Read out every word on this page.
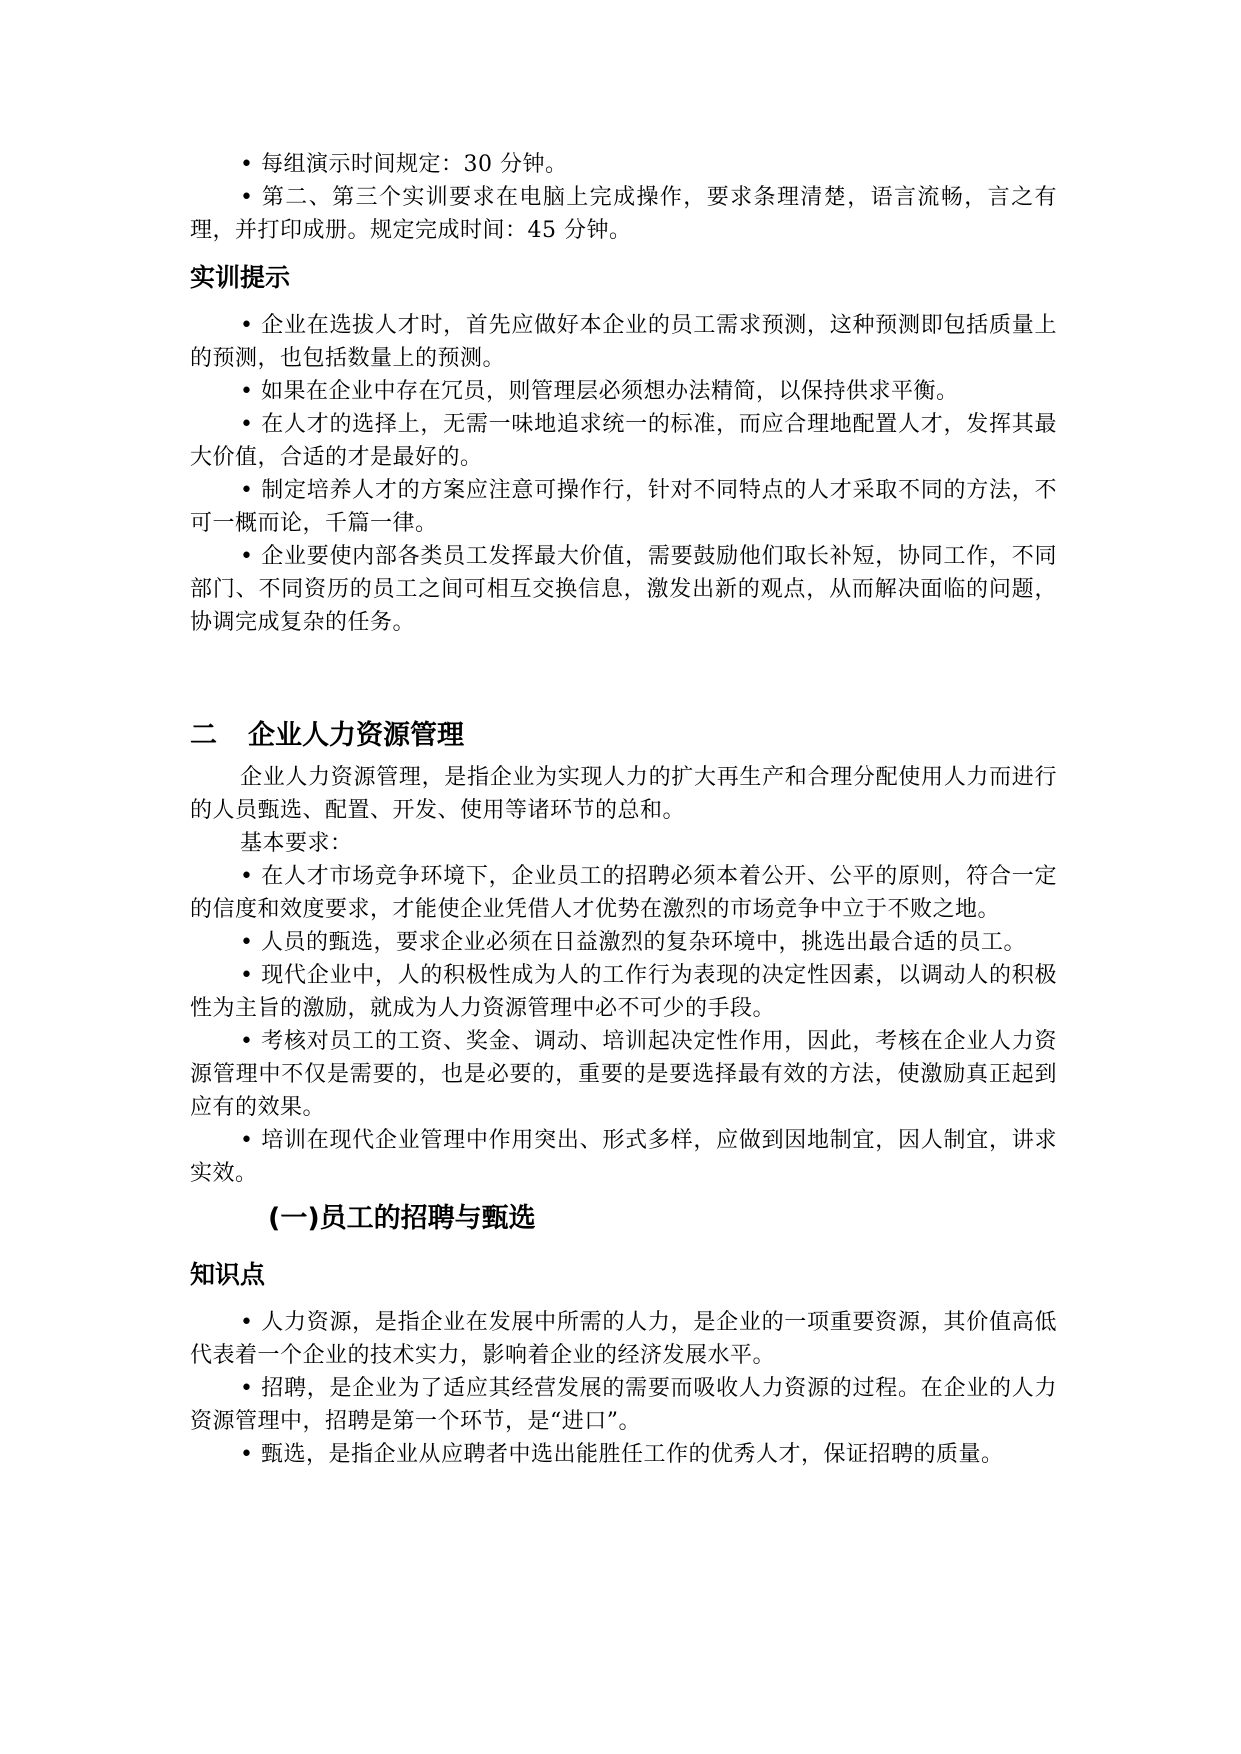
• 每组演示时间规定：30 分钟。

• 第二、第三个实训要求在电脑上完成操作，要求条理清楚，语言流畅，言之有理，并打印成册。规定完成时间：45 分钟。

实训提示

• 企业在选拔人才时，首先应做好本企业的员工需求预测，这种预测即包括质量上的预测，也包括数量上的预测。

• 如果在企业中存在冗员，则管理层必须想办法精简，以保持供求平衡。

• 在人才的选择上，无需一味地追求统一的标准，而应合理地配置人才，发挥其最大价值，合适的才是最好的。

• 制定培养人才的方案应注意可操作行，针对不同特点的人才采取不同的方法，不可一概而论，千篇一律。

• 企业要使内部各类员工发挥最大价值，需要鼓励他们取长补短，协同工作，不同部门、不同资历的员工之间可相互交换信息，激发出新的观点，从而解决面临的问题，协调完成复杂的任务。

二 企业人力资源管理

企业人力资源管理，是指企业为实现人力的扩大再生产和合理分配使用人力而进行的人员甄选、配置、开发、使用等诸环节的总和。

基本要求：

• 在人才市场竞争环境下，企业员工的招聘必须本着公开、公平的原则，符合一定的信度和效度要求，才能使企业凭借人才优势在激烈的市场竞争中立于不败之地。

• 人员的甄选，要求企业必须在日益激烈的复杂环境中，挑选出最合适的员工。

• 现代企业中，人的积极性成为人的工作行为表现的决定性因素，以调动人的积极性为主旨的激励，就成为人力资源管理中必不可少的手段。

• 考核对员工的工资、奖金、调动、培训起决定性作用，因此，考核在企业人力资源管理中不仅是需要的，也是必要的，重要的是要选择最有效的方法，使激励真正起到应有的效果。

• 培训在现代企业管理中作用突出、形式多样，应做到因地制宜，因人制宜，讲求实效。

(一)员工的招聘与甄选
知识点

• 人力资源，是指企业在发展中所需的人力，是企业的一项重要资源，其价值高低代表着一个企业的技术实力，影响着企业的经济发展水平。

• 招聘，是企业为了适应其经营发展的需要而吸收人力资源的过程。在企业的人力资源管理中，招聘是第一个环节，是“进口”。

• 甄选，是指企业从应聘者中选出能胜任工作的优秀人才，保证招聘的质量。
